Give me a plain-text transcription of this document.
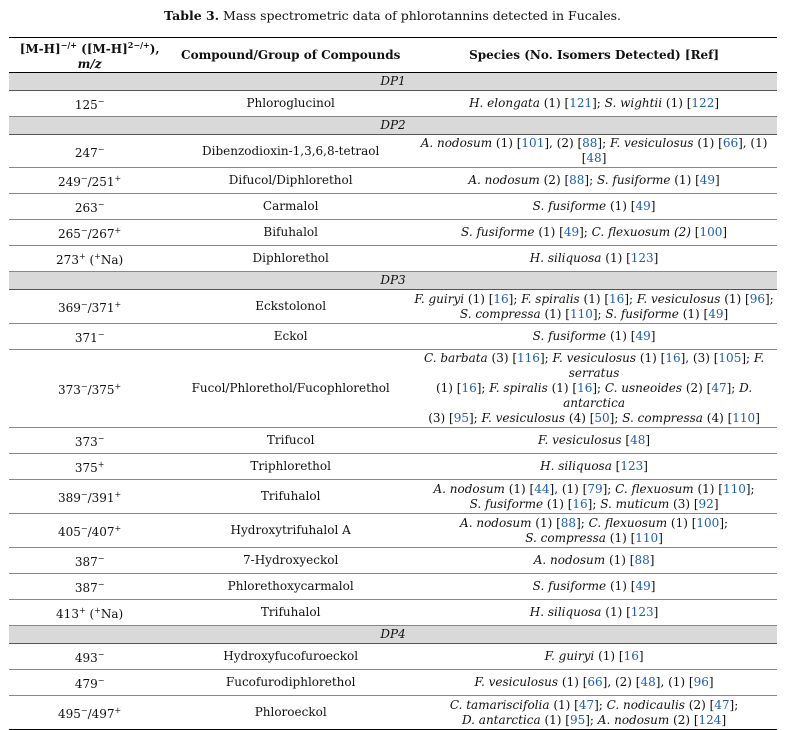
Table 3. Mass spectrometric data of phlorotannins detected in Fucales.
[M-H]−/+ $([M-H]^{2-/+})$, m/z	Compound/Group of Compounds	Species (No. Isomers Detected) [Ref]
DP1		
125−	Phloroglucinol	H. elongata (1) [121]; S. wightii (1) [122]
DP2		
247−	Dibenzodioxin-1,3,6,8-tetraol	A. nodosum (1) [101], (2) [88]; F. vesiculosus (1) [66], (1) [48]
249−/251+	Difucol/Diphlorethol	A. nodosum (2) [88]; S. fusiforme (1) [49]
263−	Carmalol	S. fusiforme (1) [49]
265−/267+	Bifuhalol	S. fusiforme (1) [49]; C. flexuosum (2) [100]
273+ (+Na)	Diphlorethol	H. siliquosa (1) [123]
DP3		
369−/371+	Eckstolonol	F. guiryi (1) [16]; F. spiralis (1) [16]; F. vesiculosus (1) [96];
S. compressa (1) [110]; S. fusiforme (1) [49]
371−	Eckol	S. fusiforme (1) [49]
373−/375+	Fucol/Phlorethol/Fucophlorethol	C. barbata (3) [116]; F. vesiculosus (1) [16], (3) [105]; F. serratus
(1) [16]; F. spiralis (1) [16]; C. usneoides (2) [47]; D. antarctica
(3) [95]; F. vesiculosus (4) [50]; S. compressa (4) [110]
373−	Trifucol	F. vesiculosus [48]
375+	Triphlorethol	H. siliquosa [123]
389−/391+	Trifuhalol	A. nodosum (1) [44], (1) [79]; C. flexuosum (1) [110];
S. fusiforme (1) [16]; S. muticum (3) [92]
405−/407+	Hydroxytrifuhalol A	A. nodosum (1) [88]; C. flexuosum (1) [100];
S. compressa (1) [110]
387−	7-Hydroxyeckol	A. nodosum (1) [88]
387−	Phlorethoxycarmalol	S. fusiforme (1) [49]
413+ (+Na)	Trifuhalol	H. siliquosa (1) [123]
DP4		
493−	Hydroxyfucofuroeckol	F. guiryi (1) [16]
479−	Fucofurodiphlorethol	F. vesiculosus (1) [66], (2) [48], (1) [96]
495−/497+	Phloroeckol	C. tamariscifolia (1) [47]; C. nodicaulis (2) [47];
D. antarctica (1) [95]; A. nodosum (2) [124]
